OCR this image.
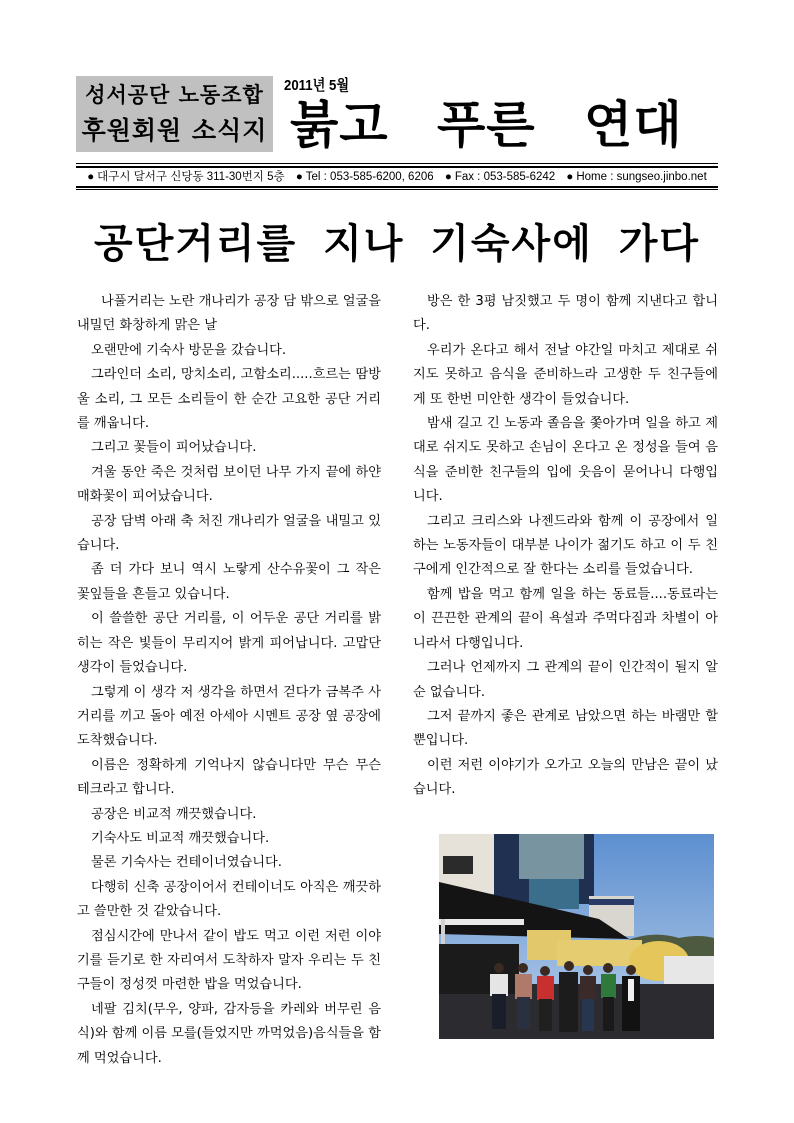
성서공단 노동조합
후원회원 소식지
2011년 5월
붉고 푸른 연대
● 대구시 달서구 신당동 311-30번지 5층 ● Tel : 053-585-6200, 6206 ● Fax : 053-585-6242 ● Home : sungseo.jinbo.net
공단거리를 지나 기숙사에 가다

나풀거리는 노란 개나리가 공장 담 밖으로 얼굴을 내밀던 화창하게 맑은 날

오랜만에 기숙사 방문을 갔습니다.

그라인더 소리, 망치소리, 고함소리.....흐르는 땀방울 소리, 그 모든 소리들이 한 순간 고요한 공단 거리를 깨웁니다.

그리고 꽃들이 피어났습니다.

겨울 동안 죽은 것처럼 보이던 나무 가지 끝에 하얀 매화꽃이 피어났습니다.

공장 담벽 아래 축 처진 개나리가 얼굴을 내밀고 있습니다.

좀 더 가다 보니 역시 노랗게 산수유꽃이 그 작은 꽃잎들을 흔들고 있습니다.

이 쓸쓸한 공단 거리를, 이 어두운 공단 거리를 밝히는 작은 빛들이 무리지어 밝게 피어납니다. 고맙단 생각이 들었습니다.

그렇게 이 생각 저 생각을 하면서 걷다가 금복주 사거리를 끼고 돌아 예전 아세아 시멘트 공장 옆 공장에 도착했습니다.

이름은 정확하게 기억나지 않습니다만 무슨 무슨 테크라고 합니다.

공장은 비교적 깨끗했습니다.

기숙사도 비교적 깨끗했습니다.

물론 기숙사는 컨테이너였습니다.

다행히 신축 공장이어서 컨테이너도 아직은 깨끗하고 쓸만한 것 같았습니다.

점심시간에 만나서 같이 밥도 먹고 이런 저런 이야기를 듣기로 한 자리여서 도착하자 말자 우리는 두 친구들이 정성껏 마련한 밥을 먹었습니다.

네팔 김치(무우, 양파, 감자등을 카레와 버무린 음식)와 함께 이름 모를(들었지만 까먹었음)음식들을 함께 먹었습니다.

방은 한 3평 남짓했고 두 명이 함께 지낸다고 합니다.

우리가 온다고 해서 전날 야간일 마치고 제대로 쉬지도 못하고 음식을 준비하느라 고생한 두 친구들에게 또 한번 미안한 생각이 들었습니다.

밤새 길고 긴 노동과 졸음을 쫓아가며 일을 하고 제대로 쉬지도 못하고 손님이 온다고 온 정성을 들여 음식을 준비한 친구들의 입에 웃음이 묻어나니 다행입니다.

그리고 크리스와 나젠드라와 함께 이 공장에서 일하는 노동자들이 대부분 나이가 젊기도 하고 이 두 친구에게 인간적으로 잘 한다는 소리를 들었습니다.

함께 밥을 먹고 함께 일을 하는 동료들....동료라는 이 끈끈한 관계의 끝이 욕설과 주먹다짐과 차별이 아니라서 다행입니다.

그러나 언제까지 그 관계의 끝이 인간적이 될지 알 순 없습니다.

그저 끝까지 좋은 관계로 남았으면 하는 바램만 할 뿐입니다.

이런 저런 이야기가 오가고 오늘의 만남은 끝이 났습니다.
